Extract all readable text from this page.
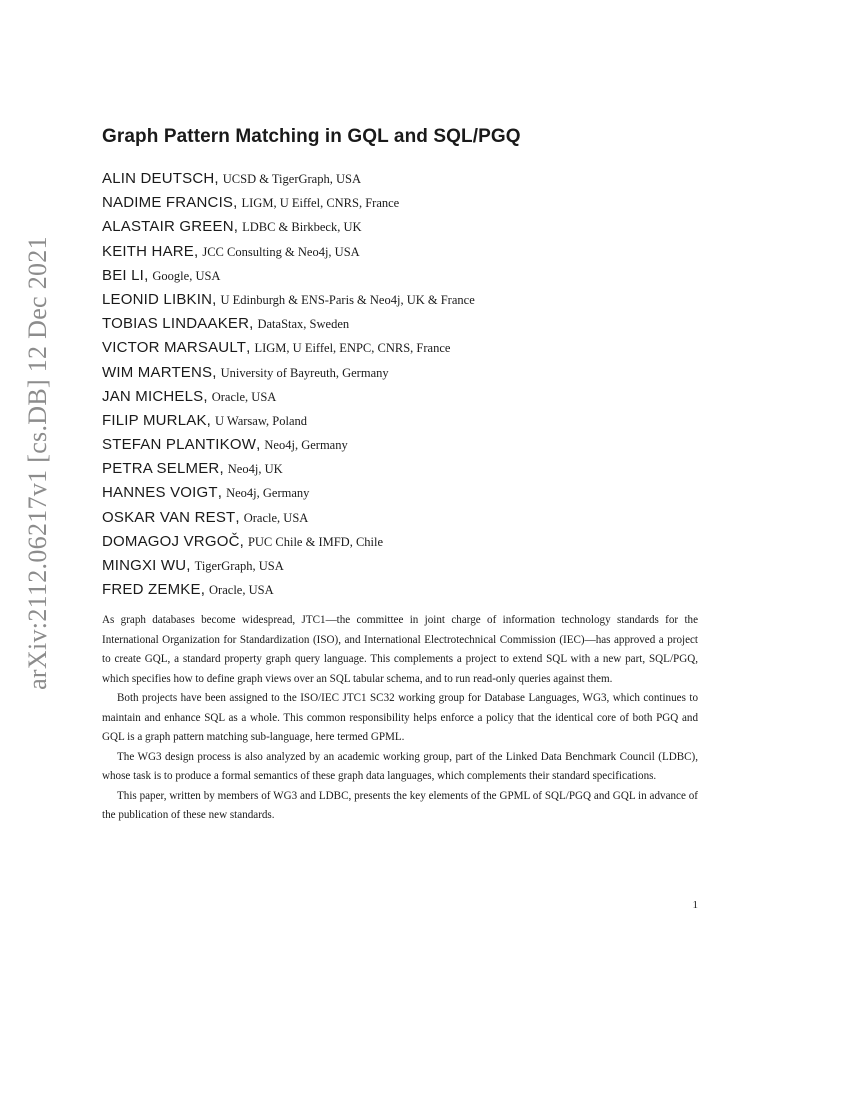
arXiv:2112.06217v1 [cs.DB] 12 Dec 2021
Graph Pattern Matching in GQL and SQL/PGQ
ALIN DEUTSCH, UCSD & TigerGraph, USA
NADIME FRANCIS, LIGM, U Eiffel, CNRS, France
ALASTAIR GREEN, LDBC & Birkbeck, UK
KEITH HARE, JCC Consulting & Neo4j, USA
BEI LI, Google, USA
LEONID LIBKIN, U Edinburgh & ENS-Paris & Neo4j, UK & France
TOBIAS LINDAAKER, DataStax, Sweden
VICTOR MARSAULT, LIGM, U Eiffel, ENPC, CNRS, France
WIM MARTENS, University of Bayreuth, Germany
JAN MICHELS, Oracle, USA
FILIP MURLAK, U Warsaw, Poland
STEFAN PLANTIKOW, Neo4j, Germany
PETRA SELMER, Neo4j, UK
HANNES VOIGT, Neo4j, Germany
OSKAR VAN REST, Oracle, USA
DOMAGOJ VRGOČ, PUC Chile & IMFD, Chile
MINGXI WU, TigerGraph, USA
FRED ZEMKE, Oracle, USA

As graph databases become widespread, JTC1—the committee in joint charge of information technology standards for the International Organization for Standardization (ISO), and International Electrotechnical Commission (IEC)—has approved a project to create GQL, a standard property graph query language. This complements a project to extend SQL with a new part, SQL/PGQ, which specifies how to define graph views over an SQL tabular schema, and to run read-only queries against them.

Both projects have been assigned to the ISO/IEC JTC1 SC32 working group for Database Languages, WG3, which continues to maintain and enhance SQL as a whole. This common responsibility helps enforce a policy that the identical core of both PGQ and GQL is a graph pattern matching sub-language, here termed GPML.

The WG3 design process is also analyzed by an academic working group, part of the Linked Data Benchmark Council (LDBC), whose task is to produce a formal semantics of these graph data languages, which complements their standard specifications.

This paper, written by members of WG3 and LDBC, presents the key elements of the GPML of SQL/PGQ and GQL in advance of the publication of these new standards.

1
